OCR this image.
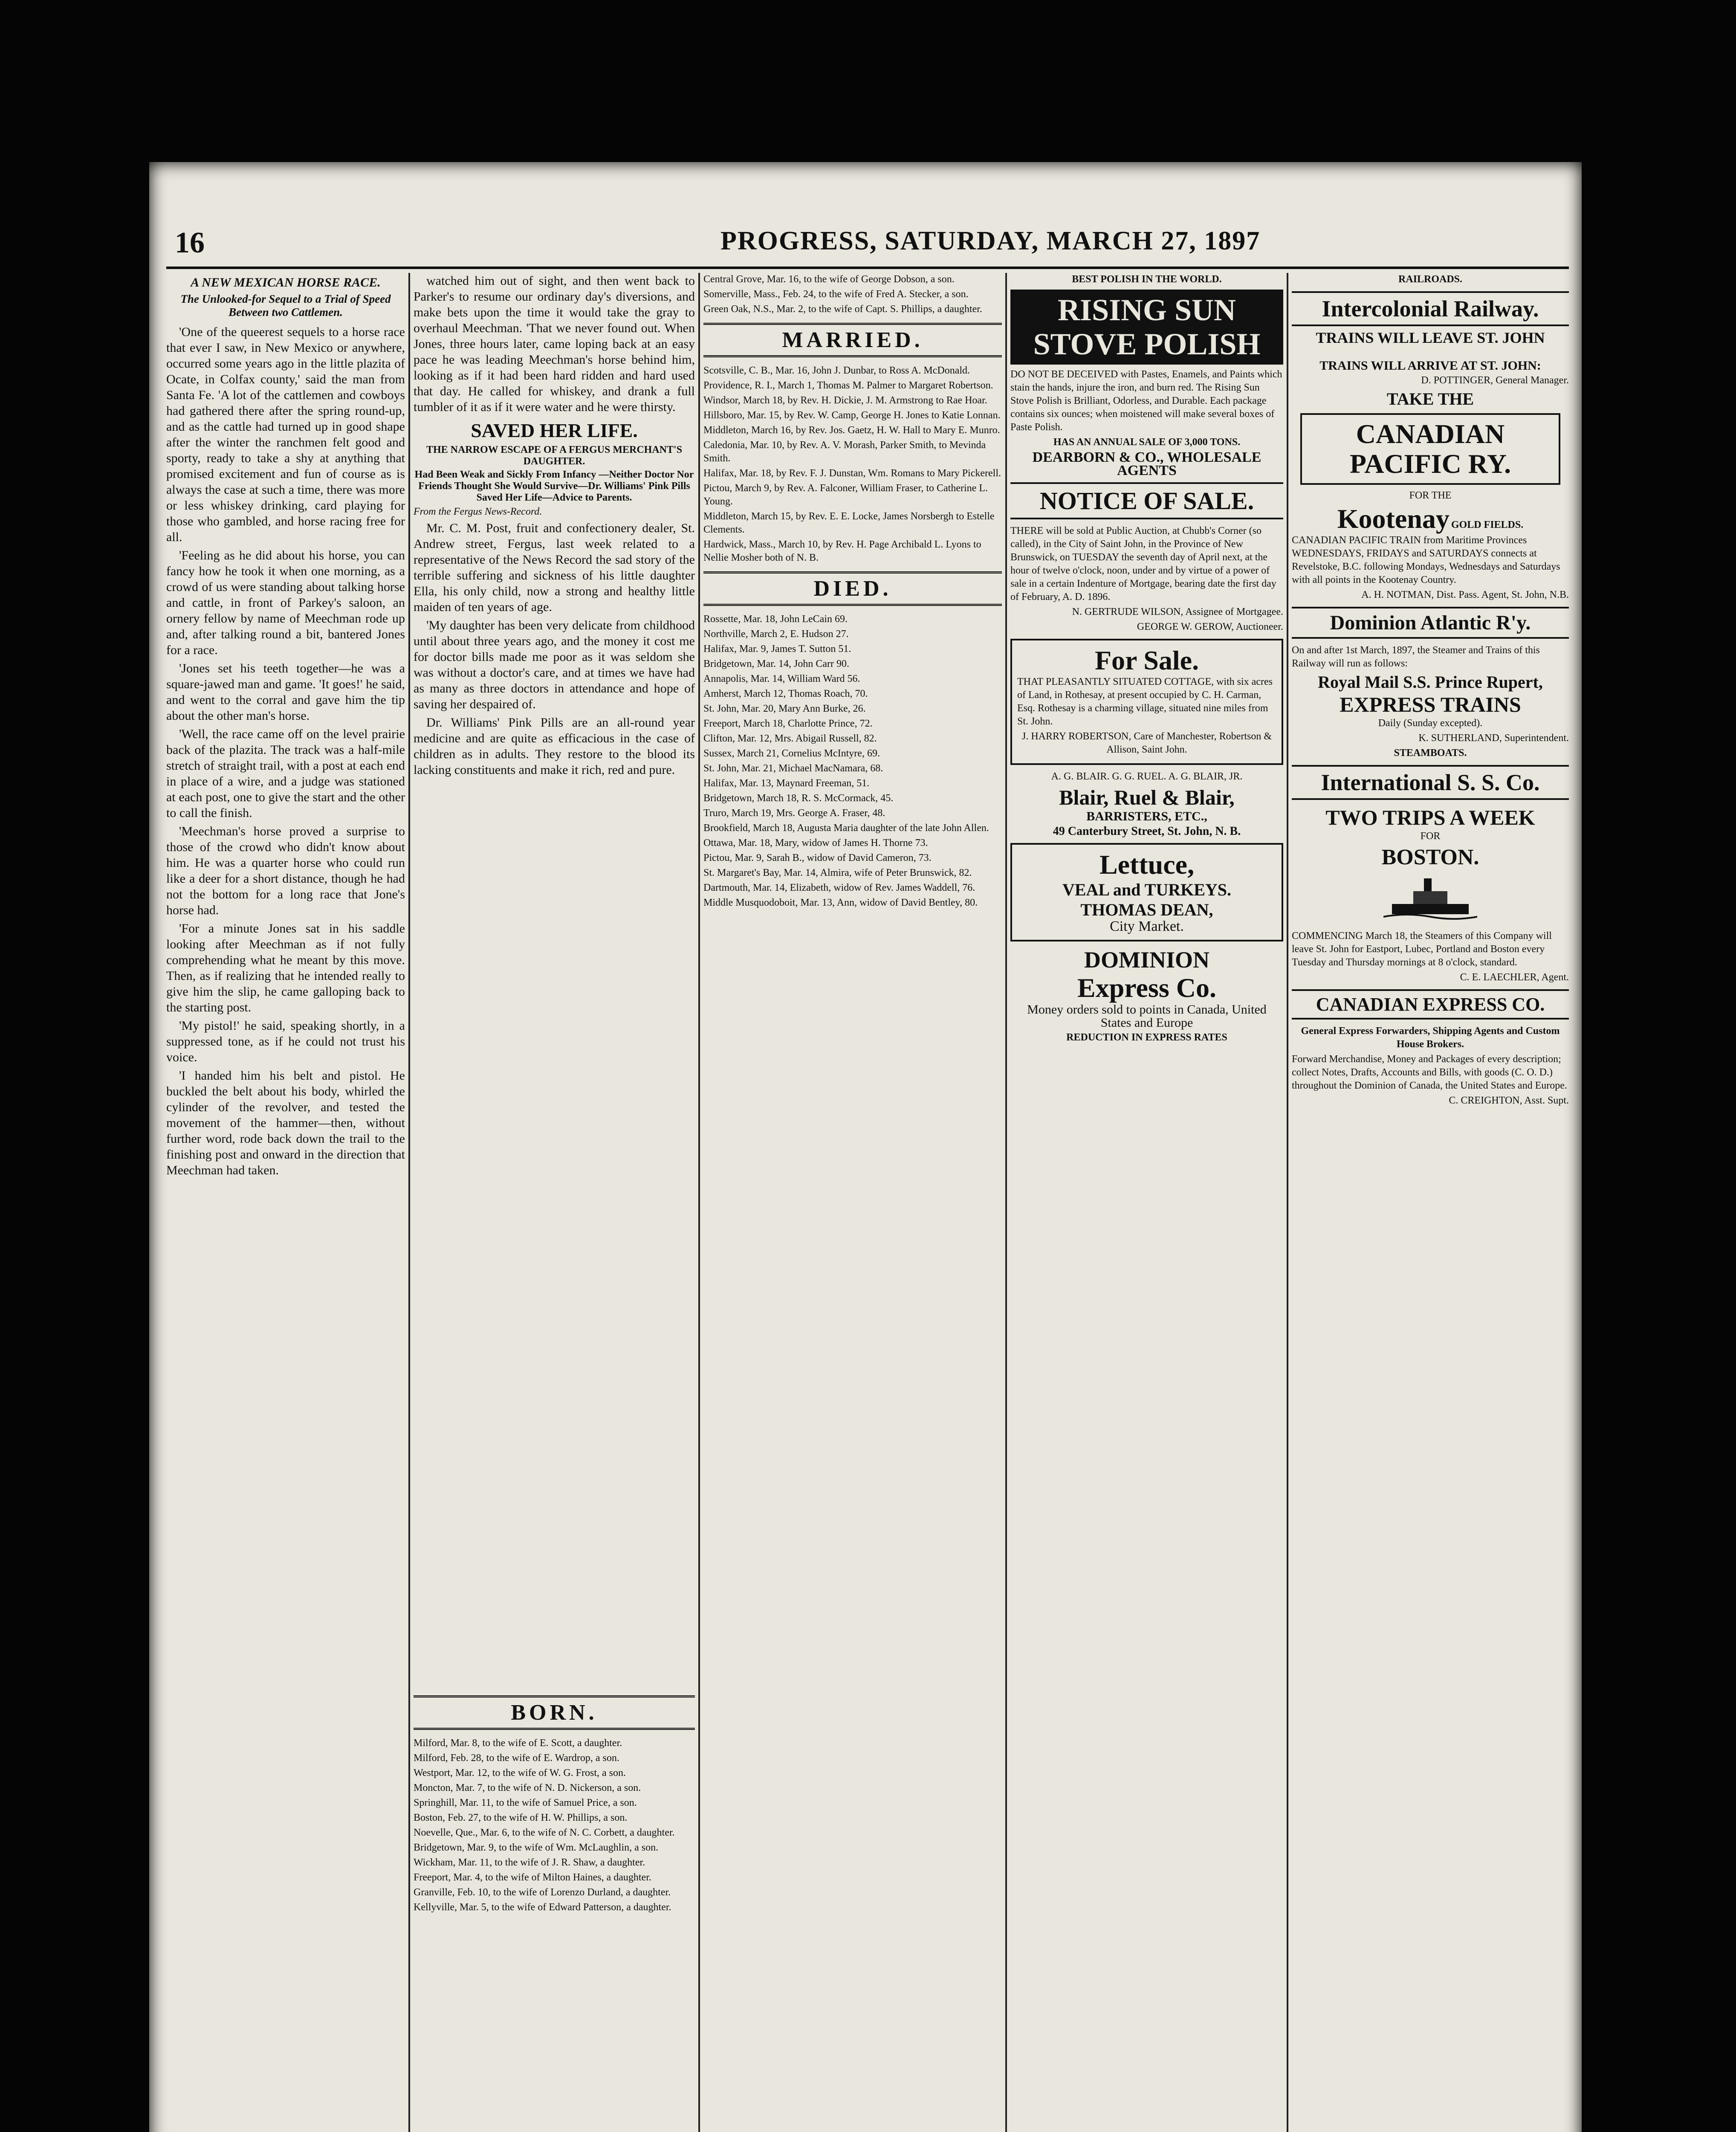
16	PROGRESS, SATURDAY, MARCH 27, 1897
A NEW MEXICAN HORSE RACE.
The Unlooked-for Sequel to a Trial of Speed Between two Cattlemen.

'One of the queerest sequels to a horse race that ever I saw, in New Mexico or anywhere, occurred some years ago in the little plazita of Ocate, in Colfax county,' said the man from Santa Fe. 'A lot of the cattlemen and cowboys had gathered there after the spring round-up, and as the cattle had turned up in good shape after the winter the ranchmen felt good and sporty, ready to take a shy at anything that promised excitement and fun of course as is always the case at such a time, there was more or less whiskey drinking, card playing for those who gambled, and horse racing free for all.

'Feeling as he did about his horse, you can fancy how he took it when one morning, as a crowd of us were standing about talking horse and cattle, in front of Parkey's saloon, an ornery fellow by name of Meechman rode up and, after talking round a bit, bantered Jones for a race.

'Jones set his teeth together—he was a square-jawed man and game. 'It goes!' he said, and went to the corral and gave him the tip about the other man's horse.

'Well, the race came off on the level prairie back of the plazita. The track was a half-mile stretch of straight trail, with a post at each end in place of a wire, and a judge was stationed at each post, one to give the start and the other to call the finish.

'Meechman's horse proved a surprise to those of the crowd who didn't know about him. He was a quarter horse who could run like a deer for a short distance, though he had not the bottom for a long race that Jone's horse had.

'For a minute Jones sat in his saddle looking after Meechman as if not fully comprehending what he meant by this move. Then, as if realizing that he intended really to give him the slip, he came galloping back to the starting post.

'My pistol!' he said, speaking shortly, in a suppressed tone, as if he could not trust his voice.

'I handed him his belt and pistol. He buckled the belt about his body, whirled the cylinder of the revolver, and tested the movement of the hammer—then, without further word, rode back down the trail to the finishing post and onward in the direction that Meechman had taken.

watched him out of sight, and then went back to Parker's to resume our ordinary day's diversions, and make bets upon the time it would take the gray to overhaul Meechman. 'That we never found out. When Jones, three hours later, came loping back at an easy pace he was leading Meechman's horse behind him, looking as if it had been hard ridden and hard used that day. He called for whiskey, and drank a full tumbler of it as if it were water and he were thirsty.

SAVED HER LIFE.
THE NARROW ESCAPE OF A FERGUS MERCHANT'S DAUGHTER.
Had Been Weak and Sickly From Infancy —Neither Doctor Nor Friends Thought She Would Survive—Dr. Williams' Pink Pills Saved Her Life—Advice to Parents.
From the Fergus News-Record.

Mr. C. M. Post, fruit and confectionery dealer, St. Andrew street, Fergus, last week related to a representative of the News Record the sad story of the terrible suffering and sickness of his little daughter Ella, his only child, now a strong and healthy little maiden of ten years of age.

'My daughter has been very delicate from childhood until about three years ago, and the money it cost me for doctor bills made me poor as it was seldom she was without a doctor's care, and at times we have had as many as three doctors in attendance and hope of saving her despaired of.

Dr. Williams' Pink Pills are an all-round year medicine and are quite as efficacious in the case of children as in adults. They restore to the blood its lacking constituents and make it rich, red and pure.

Central Grove, Mar. 16, to the wife of George Dobson, a son.
Somerville, Mass., Feb. 24, to the wife of Fred A. Stecker, a son.
Green Oak, N.S., Mar. 2, to the wife of Capt. S. Phillips, a daughter.
MARRIED.
Scotsville, C. B., Mar. 16, John J. Dunbar, to Ross A. McDonald.
Providence, R. I., March 1, Thomas M. Palmer to Margaret Robertson.
Windsor, March 18, by Rev. H. Dickie, J. M. Armstrong to Rae Hoar.
Hillsboro, Mar. 15, by Rev. W. Camp, George H. Jones to Katie Lonnan.
Middleton, March 16, by Rev. Jos. Gaetz, H. W. Hall to Mary E. Munro.
Caledonia, Mar. 10, by Rev. A. V. Morash, Parker Smith, to Mevinda Smith.
Halifax, Mar. 18, by Rev. F. J. Dunstan, Wm. Romans to Mary Pickerell.
Pictou, March 9, by Rev. A. Falconer, William Fraser, to Catherine L. Young.
Middleton, March 15, by Rev. E. E. Locke, James Norsbergh to Estelle Clements.
Hardwick, Mass., March 10, by Rev. H. Page Archibald L. Lyons to Nellie Mosher both of N. B.
DIED.
Rossette, Mar. 18, John LeCain 69.
Northville, March 2, E. Hudson 27.
Halifax, Mar. 9, James T. Sutton 51.
Bridgetown, Mar. 14, John Carr 90.
Annapolis, Mar. 14, William Ward 56.
Amherst, March 12, Thomas Roach, 70.
St. John, Mar. 20, Mary Ann Burke, 26.
Freeport, March 18, Charlotte Prince, 72.
Clifton, Mar. 12, Mrs. Abigail Russell, 82.
Sussex, March 21, Cornelius McIntyre, 69.
St. John, Mar. 21, Michael MacNamara, 68.
Halifax, Mar. 13, Maynard Freeman, 51.
Bridgetown, March 18, R. S. McCormack, 45.
Truro, March 19, Mrs. George A. Fraser, 48.
Brookfield, March 18, Augusta Maria daughter of the late John Allen.
Ottawa, Mar. 18, Mary, widow of James H. Thorne 73.
Pictou, Mar. 9, Sarah B., widow of David Cameron, 73.
St. Margaret's Bay, Mar. 14, Almira, wife of Peter Brunswick, 82.
Dartmouth, Mar. 14, Elizabeth, widow of Rev. James Waddell, 76.
Middle Musquodoboit, Mar. 13, Ann, widow of David Bentley, 80.
BORN.
Milford, Mar. 8, to the wife of E. Scott, a daughter.
Milford, Feb. 28, to the wife of E. Wardrop, a son.
Westport, Mar. 12, to the wife of W. G. Frost, a son.
Moncton, Mar. 7, to the wife of N. D. Nickerson, a son.
Springhill, Mar. 11, to the wife of Samuel Price, a son.
Boston, Feb. 27, to the wife of H. W. Phillips, a son.
Noevelle, Que., Mar. 6, to the wife of N. C. Corbett, a daughter.
Bridgetown, Mar. 9, to the wife of Wm. McLaughlin, a son.
Wickham, Mar. 11, to the wife of J. R. Shaw, a daughter.
Freeport, Mar. 4, to the wife of Milton Haines, a daughter.
Granville, Feb. 10, to the wife of Lorenzo Durland, a daughter.
Kellyville, Mar. 5, to the wife of Edward Patterson, a daughter.
BEST POLISH IN THE WORLD.
RISING SUN STOVE POLISH
DO NOT BE DECEIVED with Pastes, Enamels, and Paints which stain the hands, injure the iron, and burn red. The Rising Sun Stove Polish is Brilliant, Odorless, and Durable. Each package contains six ounces; when moistened will make several boxes of Paste Polish.
HAS AN ANNUAL SALE OF 3,000 TONS.
DEARBORN & CO., WHOLESALE AGENTS
NOTICE OF SALE.
THERE will be sold at Public Auction, at Chubb's Corner (so called), in the City of Saint John, in the Province of New Brunswick, on TUESDAY the seventh day of April next, at the hour of twelve o'clock, noon, under and by virtue of a power of sale in a certain Indenture of Mortgage, bearing date the first day of February, A. D. 1896.
N. GERTRUDE WILSON, Assignee of Mortgagee.
GEORGE W. GEROW, Auctioneer.
For Sale.
THAT PLEASANTLY SITUATED COTTAGE, with six acres of Land, in Rothesay, at present occupied by C. H. Carman, Esq. Rothesay is a charming village, situated nine miles from St. John.
J. HARRY ROBERTSON, Care of Manchester, Robertson & Allison, Saint John.
A. G. BLAIR. G. G. RUEL. A. G. BLAIR, JR.
Blair, Ruel & Blair,
BARRISTERS, ETC.,
49 Canterbury Street, St. John, N. B.
Lettuce,
VEAL and TURKEYS.
THOMAS DEAN,
City Market.
DOMINION
Express Co.
Money orders sold to points in Canada, United States and Europe
REDUCTION IN EXPRESS RATES
RAILROADS.
Intercolonial Railway.
TRAINS WILL LEAVE ST. JOHN

TRAINS WILL ARRIVE AT ST. JOHN:
D. POTTINGER, General Manager.
TAKE THE
CANADIAN PACIFIC RY.
FOR THE
Kootenay GOLD FIELDS.
CANADIAN PACIFIC TRAIN from Maritime Provinces WEDNESDAYS, FRIDAYS and SATURDAYS connects at Revelstoke, B.C. following Mondays, Wednesdays and Saturdays with all points in the Kootenay Country.
A. H. NOTMAN, Dist. Pass. Agent, St. John, N.B.
Dominion Atlantic R'y.
On and after 1st March, 1897, the Steamer and Trains of this Railway will run as follows:
Royal Mail S.S. Prince Rupert,
EXPRESS TRAINS
Daily (Sunday excepted).
K. SUTHERLAND, Superintendent.
STEAMBOATS.
International S. S. Co.
TWO TRIPS A WEEK
FOR
BOSTON.
COMMENCING March 18, the Steamers of this Company will leave St. John for Eastport, Lubec, Portland and Boston every Tuesday and Thursday mornings at 8 o'clock, standard.
C. E. LAECHLER, Agent.
CANADIAN EXPRESS CO.
General Express Forwarders, Shipping Agents and Custom House Brokers.
Forward Merchandise, Money and Packages of every description; collect Notes, Drafts, Accounts and Bills, with goods (C. O. D.) throughout the Dominion of Canada, the United States and Europe.
C. CREIGHTON, Asst. Supt.
